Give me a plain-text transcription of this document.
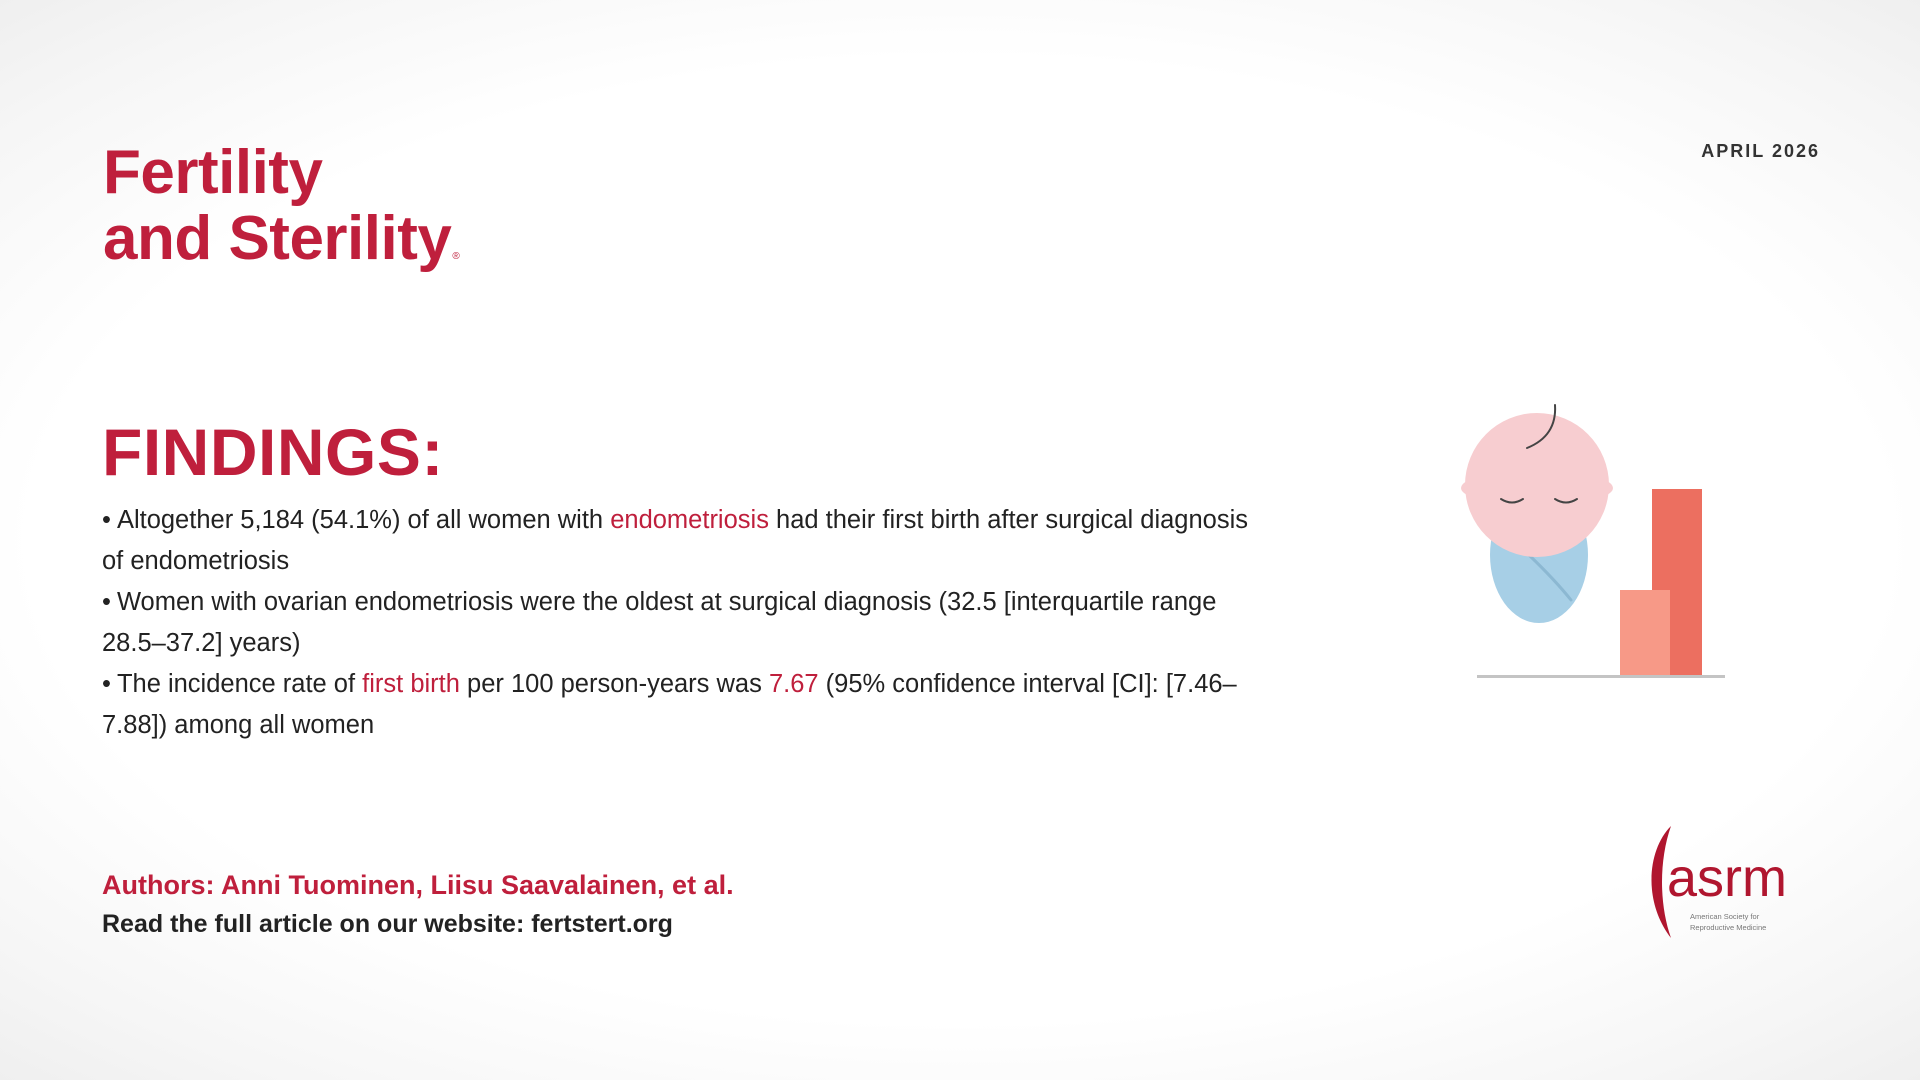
Fertility
and Sterility®
APRIL 2026
FINDINGS:
• Altogether 5,184 (54.1%) of all women with endometriosis had their first birth after surgical diagnosis of endometriosis
• Women with ovarian endometriosis were the oldest at surgical diagnosis (32.5 [interquartile range 28.5–37.2] years)
• The incidence rate of first birth per 100 person-years was 7.67 (95% confidence interval [CI]: [7.46–7.88]) among all women
Authors: Anni Tuominen, Liisu Saavalainen, et al.
Read the full article on our website: fertstert.org
asrm
American Society for
Reproductive Medicine
